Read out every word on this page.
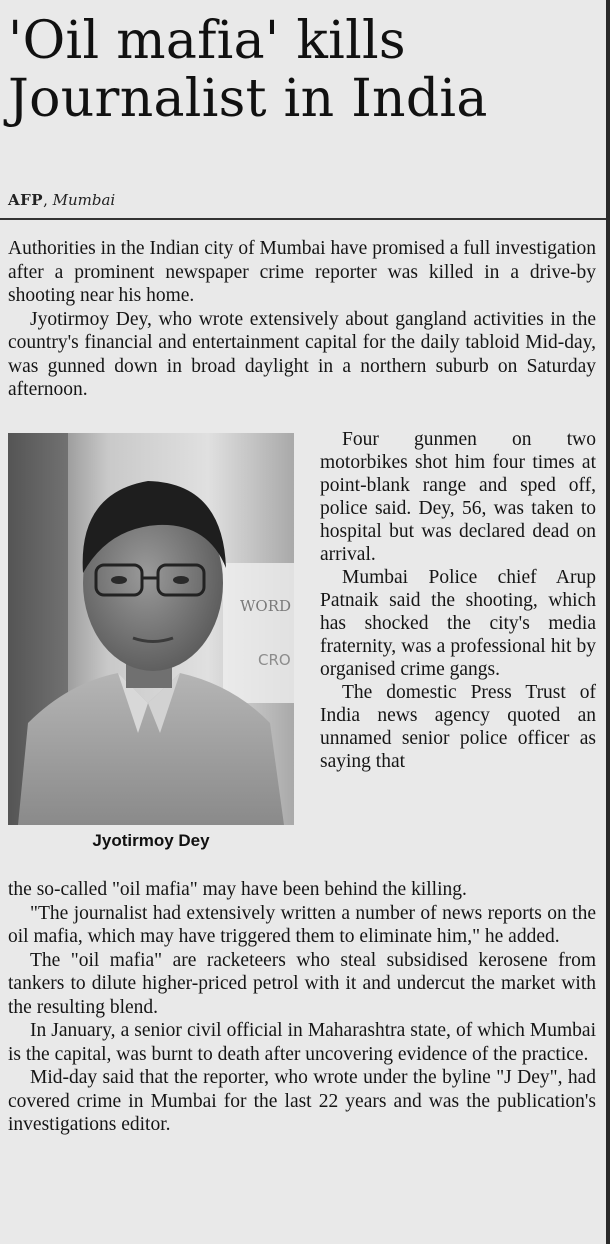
'Oil mafia' kills
Journalist in India
AFP, Mumbai

Authorities in the Indian city of Mumbai have promised a full investigation after a prominent newspaper crime reporter was killed in a drive-by shooting near his home.

Jyotirmoy Dey, who wrote extensively about gangland activities in the country's financial and entertainment capital for the daily tabloid Mid-day, was gunned down in broad daylight in a northern suburb on Saturday afternoon.

WORD
CRO
Jyotirmoy Dey

Four gunmen on two motorbikes shot him four times at point-blank range and sped off, police said. Dey, 56, was taken to hospital but was declared dead on arrival.

Mumbai Police chief Arup Patnaik said the shooting, which has shocked the city's media fraternity, was a professional hit by organised crime gangs.

The domestic Press Trust of India news agency quoted an unnamed senior police officer as saying that

the so-called "oil mafia" may have been behind the killing.

"The journalist had extensively written a number of news reports on the oil mafia, which may have triggered them to eliminate him," he added.

The "oil mafia" are racketeers who steal subsidised kerosene from tankers to dilute higher-priced petrol with it and undercut the market with the resulting blend.

In January, a senior civil official in Maharashtra state, of which Mumbai is the capital, was burnt to death after uncovering evidence of the practice.

Mid-day said that the reporter, who wrote under the byline "J Dey", had covered crime in Mumbai for the last 22 years and was the publication's investigations editor.
